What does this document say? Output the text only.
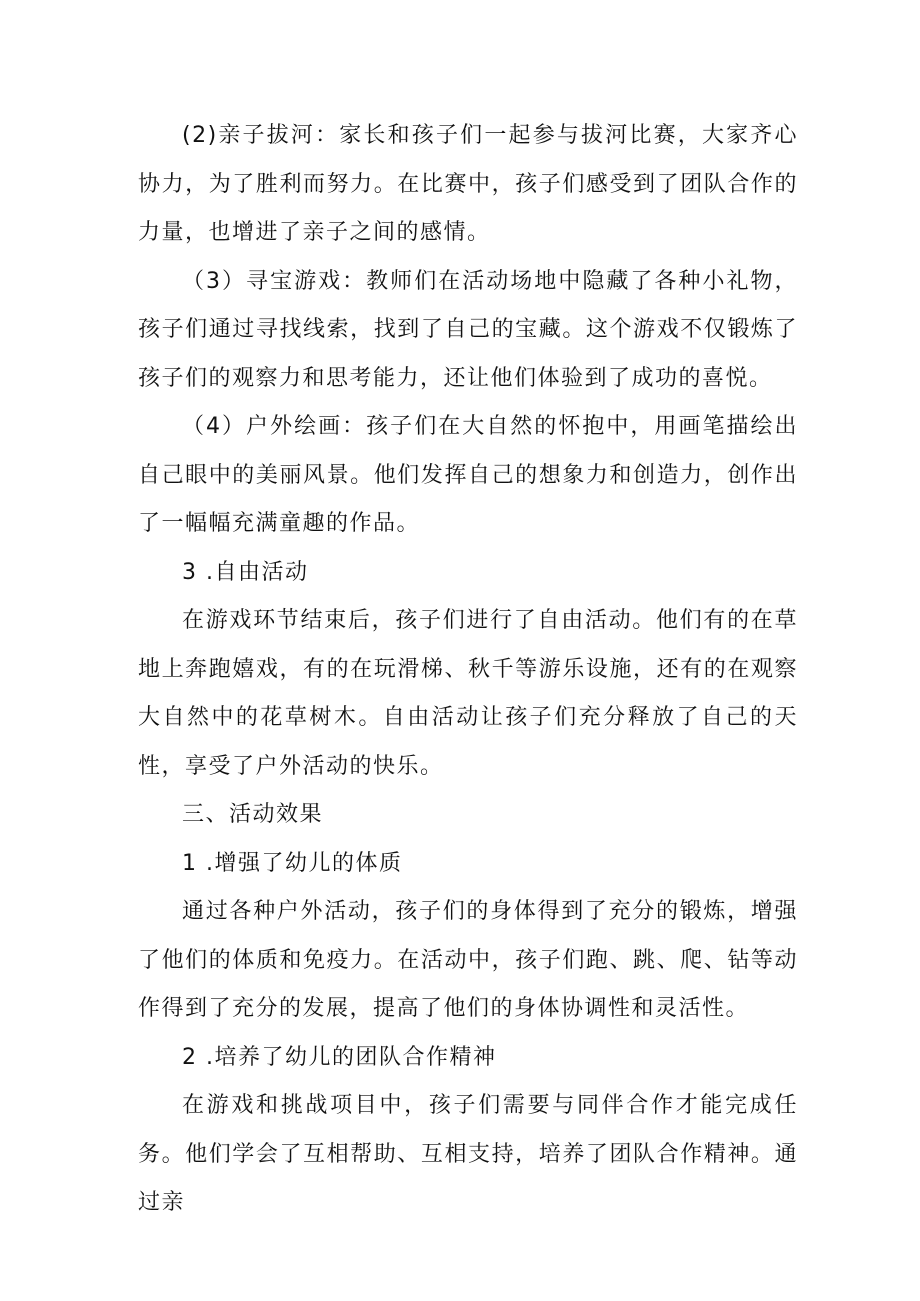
(2)亲子拔河：家长和孩子们一起参与拔河比赛，大家齐心协力，为了胜利而努力。在比赛中，孩子们感受到了团队合作的力量，也增进了亲子之间的感情。

（3）寻宝游戏：教师们在活动场地中隐藏了各种小礼物，孩子们通过寻找线索，找到了自己的宝藏。这个游戏不仅锻炼了孩子们的观察力和思考能力，还让他们体验到了成功的喜悦。

（4）户外绘画：孩子们在大自然的怀抱中，用画笔描绘出自己眼中的美丽风景。他们发挥自己的想象力和创造力，创作出了一幅幅充满童趣的作品。

3 .自由活动

在游戏环节结束后，孩子们进行了自由活动。他们有的在草地上奔跑嬉戏，有的在玩滑梯、秋千等游乐设施，还有的在观察大自然中的花草树木。自由活动让孩子们充分释放了自己的天性，享受了户外活动的快乐。

三、活动效果

1 .增强了幼儿的体质

通过各种户外活动，孩子们的身体得到了充分的锻炼，增强了他们的体质和免疫力。在活动中，孩子们跑、跳、爬、钻等动作得到了充分的发展，提高了他们的身体协调性和灵活性。

2 .培养了幼儿的团队合作精神

在游戏和挑战项目中，孩子们需要与同伴合作才能完成任务。他们学会了互相帮助、互相支持，培养了团队合作精神。通过亲
